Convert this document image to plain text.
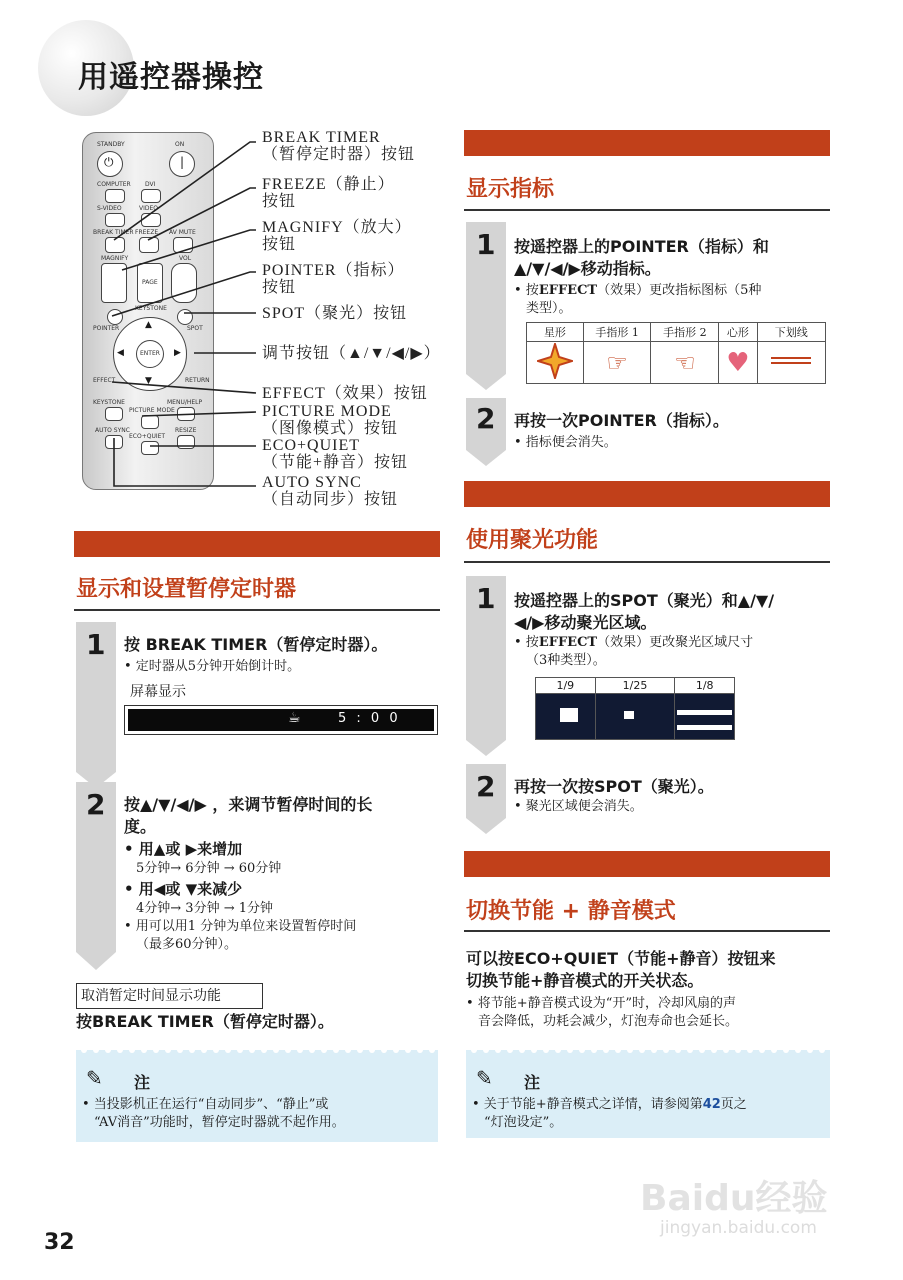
用遥控器操控
STANDBY	ON
⏻	|
COMPUTER DVI
S-VIDEO	VIDEO
BREAK TIMER FREEZE AV MUTE
MAGNIFY	VOL
PAGE
KEYSTONE
POINTER	SPOT
▲
▼
◀	▶
ENTER
EFFECT	RETURN
KEYSTONE	MENU/HELP
PICTURE MODE
AUTO SYNC
ECO+QUIET
RESIZE
BREAK TIMER
（暂停定时器）按钮
FREEZE（静止）
按钮
MAGNIFY（放大）
按钮
POINTER（指标）
按钮
SPOT（聚光）按钮
调节按钮（▲/▼/◀/▶）
EFFECT（效果）按钮
PICTURE MODE
（图像模式）按钮
ECO+QUIET
（节能+静音）按钮
AUTO SYNC
（自动同步）按钮
显示和设置暂停定时器
1 按 BREAK TIMER（暂停定时器）。
• 定时器从5分钟开始倒计时。
屏幕显示
☕	5 : 0 0
2 按▲/▼/◀/▶ ，来调节暂停时间的长
度。
• 用▲或 ▶来增加
5分钟→ 6分钟 → 60分钟
• 用◀或 ▼来减少
4分钟→ 3分钟 → 1分钟
• 用可以用1 分钟为单位来设置暂停时间
（最多60分钟）。
取消暂定时间显示功能
按BREAK TIMER（暂停定时器）。
✎ 注
• 当投影机正在运行“自动同步”、“静止”或
“AV消音”功能时，暂停定时器就不起作用。
显示指标
1 按遥控器上的POINTER（指标）和
▲/▼/◀/▶移动指标。
• 按EFFECT（效果）更改指标图标（5种
类型）。
星形	手指形 1	手指形 2	心形	下划线
	☞	☜	♥	
2 再按一次POINTER（指标）。
• 指标便会消失。
使用聚光功能
1 按遥控器上的SPOT（聚光）和▲/▼/
◀/▶移动聚光区域。
• 按EFFECT（效果）更改聚光区域尺寸
（3种类型）。
1/9	1/25	1/8

2 再按一次按SPOT（聚光）。
• 聚光区域便会消失。
切换节能 + 静音模式
可以按ECO+QUIET（节能+静音）按钮来
切换节能+静音模式的开关状态。
• 将节能+静音模式设为“开”时，冷却风扇的声
音会降低，功耗会减少，灯泡寿命也会延长。
✎ 注
• 关于节能+静音模式之详情，请参阅第42页之
“灯泡设定”。
32
Baidu经验
jingyan.baidu.com
